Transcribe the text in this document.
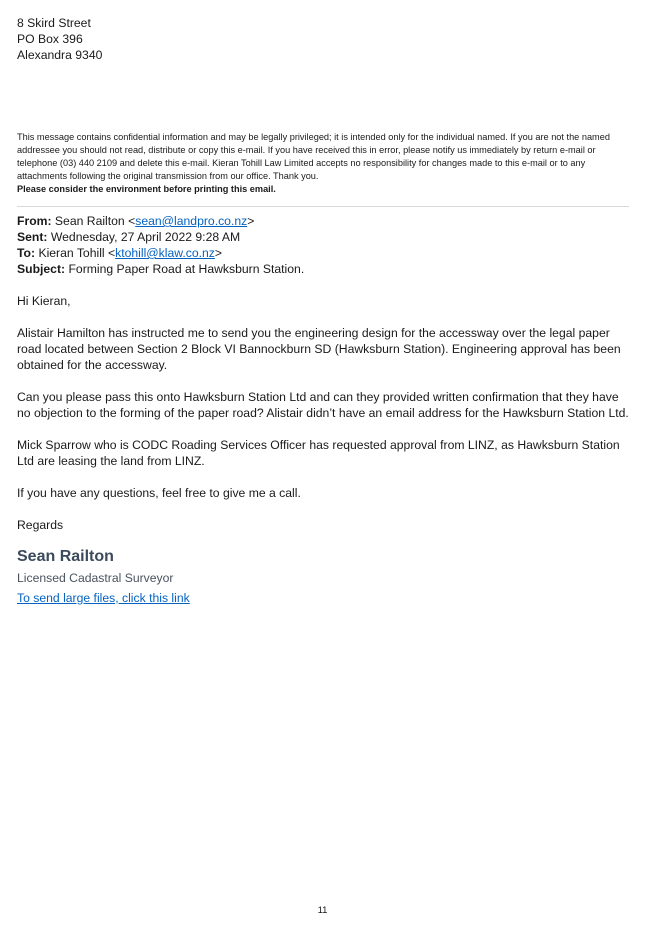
8 Skird Street
PO Box 396
Alexandra 9340
This message contains confidential information and may be legally privileged; it is intended only for the individual named. If you are not the named addressee you should not read, distribute or copy this e-mail. If you have received this in error, please notify us immediately by return e-mail or telephone (03) 440 2109 and delete this e-mail. Kieran Tohill Law Limited accepts no responsibility for changes made to this e-mail or to any attachments following the original transmission from our office. Thank you.
Please consider the environment before printing this email.
From: Sean Railton <sean@landpro.co.nz>
Sent: Wednesday, 27 April 2022 9:28 AM
To: Kieran Tohill <ktohill@klaw.co.nz>
Subject: Forming Paper Road at Hawksburn Station.

Hi Kieran,

Alistair Hamilton has instructed me to send you the engineering design for the accessway over the legal paper road located between Section 2 Block VI Bannockburn SD (Hawksburn Station). Engineering approval has been obtained for the accessway.

Can you please pass this onto Hawksburn Station Ltd and can they provided written confirmation that they have no objection to the forming of the paper road? Alistair didn’t have an email address for the Hawksburn Station Ltd.

Mick Sparrow who is CODC Roading Services Officer has requested approval from LINZ, as Hawksburn Station Ltd are leasing the land from LINZ.

If you have any questions, feel free to give me a call.

Regards

Sean Railton
Licensed Cadastral Surveyor
To send large files, click this link
11
